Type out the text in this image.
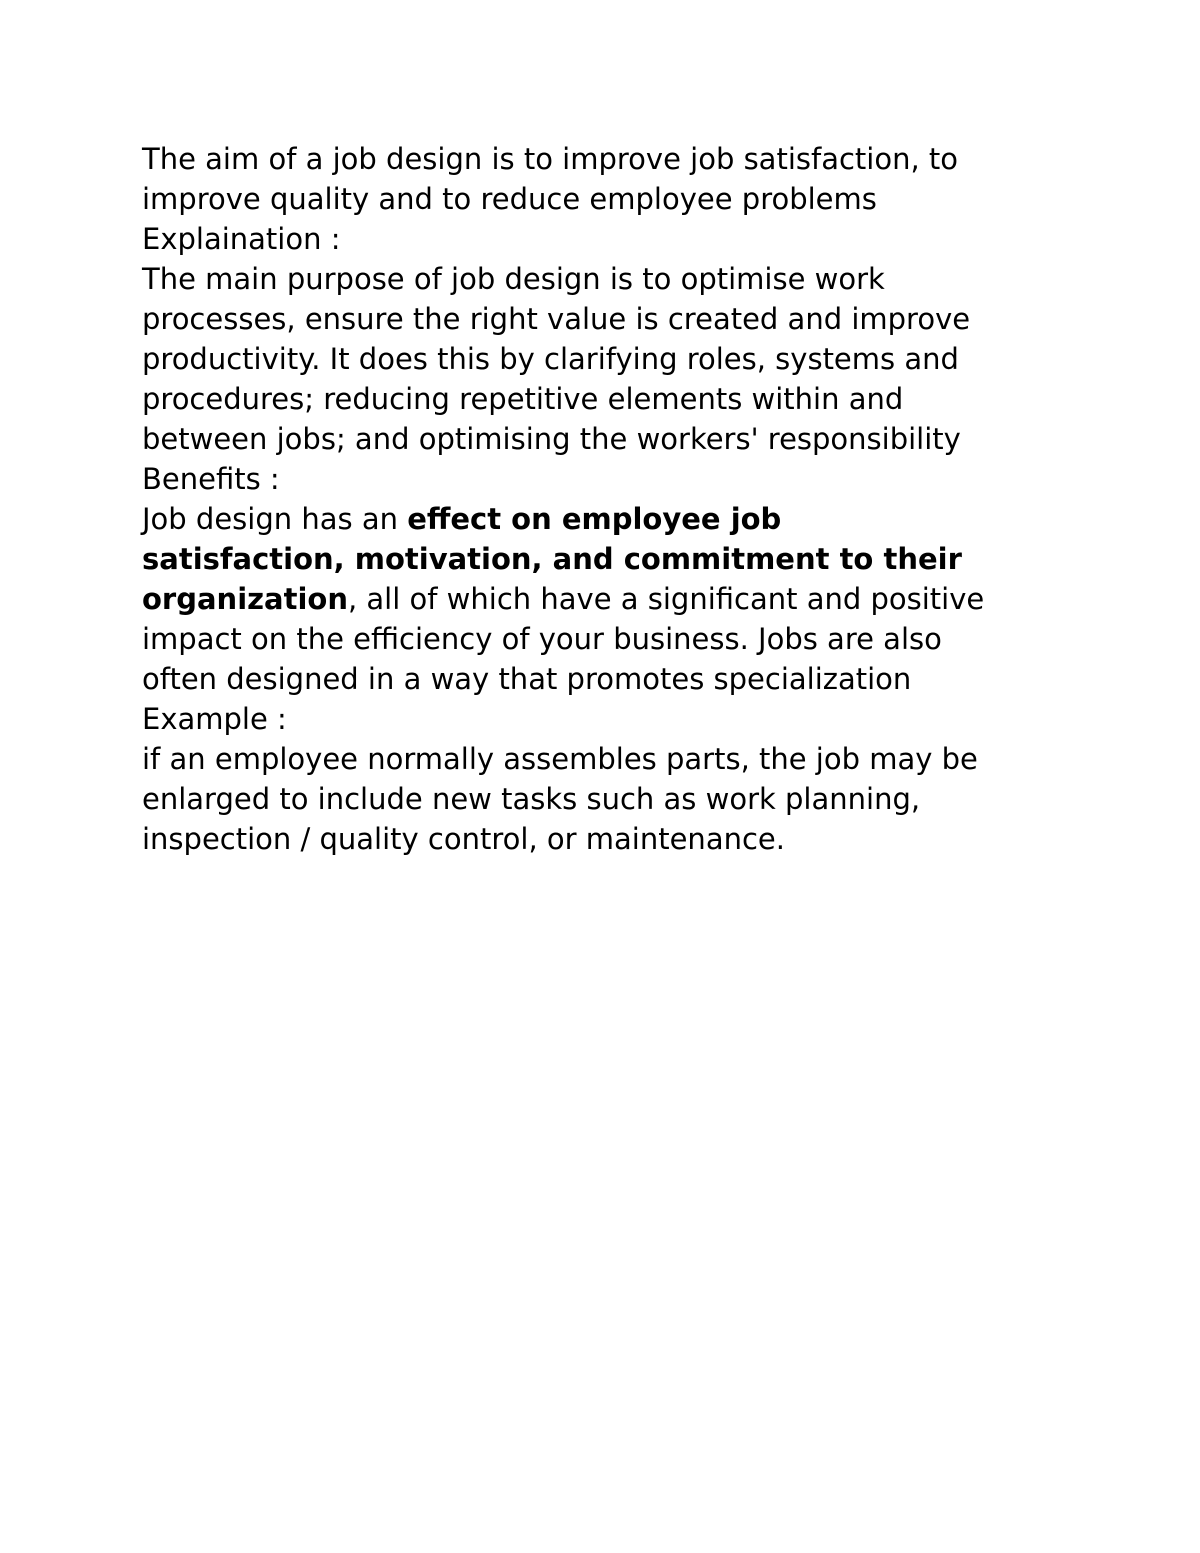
The aim of a job design is to improve job satisfaction, to
improve quality and to reduce employee problems

Explaination :

The main purpose of job design is to optimise work
processes, ensure the right value is created and improve
productivity. It does this by clarifying roles, systems and
procedures; reducing repetitive elements within and
between jobs; and optimising the workers' responsibility

Benefits :

Job design has an effect on employee job
satisfaction, motivation, and commitment to their
organization, all of which have a significant and positive
impact on the efficiency of your business. Jobs are also
often designed in a way that promotes specialization

Example :

if an employee normally assembles parts, the job may be
enlarged to include new tasks such as work planning,
inspection / quality control, or maintenance.
